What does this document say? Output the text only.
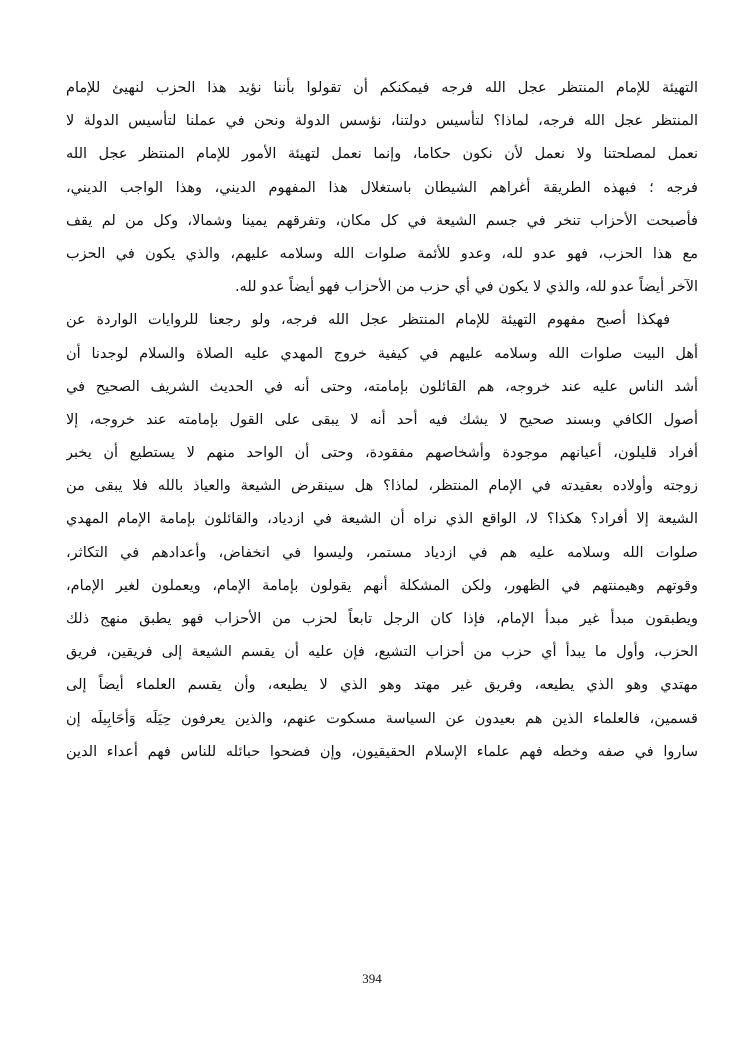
التهيئة للإمام المنتظر عجل الله فرجه فيمكنكم أن تقولوا بأننا نؤيد هذا الحزب لنهيئ للإمام
المنتظر عجل الله فرجه، لماذا؟ لتأسيس دولتنا، نؤسس الدولة ونحن في عملنا لتأسيس الدولة لا
نعمل لمصلحتنا ولا نعمل لأن نكون حكاما، وإنما نعمل لتهيئة الأمور للإمام المنتظر عجل الله
فرجه ؛ فبهذه الطريقة أغراهم الشيطان باستغلال هذا المفهوم الديني، وهذا الواجب الديني،
فأصبحت الأحزاب تنخر في جسم الشيعة في كل مكان، وتفرقهم يمينا وشمالا، وكل من لم يقف
مع هذا الحزب، فهو عدو لله، وعدو للأئمة صلوات الله وسلامه عليهم، والذي يكون في الحزب
الآخر أيضاً عدو لله، والذي لا يكون في أي حزب من الأحزاب فهو أيضاً عدو لله.
فهكذا أصبح مفهوم التهيئة للإمام المنتظر عجل الله فرجه، ولو رجعنا للروايات الواردة عن
أهل البيت صلوات الله وسلامه عليهم في كيفية خروج المهدي عليه الصلاة والسلام لوجدنا أن
أشد الناس عليه عند خروجه، هم القائلون بإمامته، وحتى أنه في الحديث الشريف الصحيح في
أصول الكافي وبسند صحيح لا يشك فيه أحد أنه لا يبقى على القول بإمامته عند خروجه، إلا
أفراد قليلون، أعيانهم موجودة وأشخاصهم مفقودة، وحتى أن الواحد منهم لا يستطيع أن يخبر
زوجته وأولاده بعقيدته في الإمام المنتظر، لماذا؟ هل سينقرض الشيعة والعياذ بالله فلا يبقى من
الشيعة إلا أفراد؟ هكذا؟ لا، الواقع الذي نراه أن الشيعة في ازدياد، والقائلون بإمامة الإمام المهدي
صلوات الله وسلامه عليه هم في ازدياد مستمر، وليسوا في انخفاض، وأعدادهم في التكاثر،
وقوتهم وهيمنتهم في الظهور، ولكن المشكلة أنهم يقولون بإمامة الإمام، ويعملون لغير الإمام،
ويطبقون مبدأ غير مبدأ الإمام، فإذا كان الرجل تابعاً لحزب من الأحزاب فهو يطبق منهج ذلك
الحزب، وأول ما يبدأ أي حزب من أحزاب التشيع، فإن عليه أن يقسم الشيعة إلى فريقين، فريق
مهتدي وهو الذي يطيعه، وفريق غير مهتد وهو الذي لا يطيعه، وأن يقسم العلماء أيضاً إلى
قسمين، فالعلماء الذين هم بعيدون عن السياسة مسكوت عنهم، والذين يعرفون حِيَلَه وَأحَابِيلَه إن
ساروا في صفه وخطه فهم علماء الإسلام الحقيقيون، وإن فضحوا حبائله للناس فهم أعداء الدين
394
